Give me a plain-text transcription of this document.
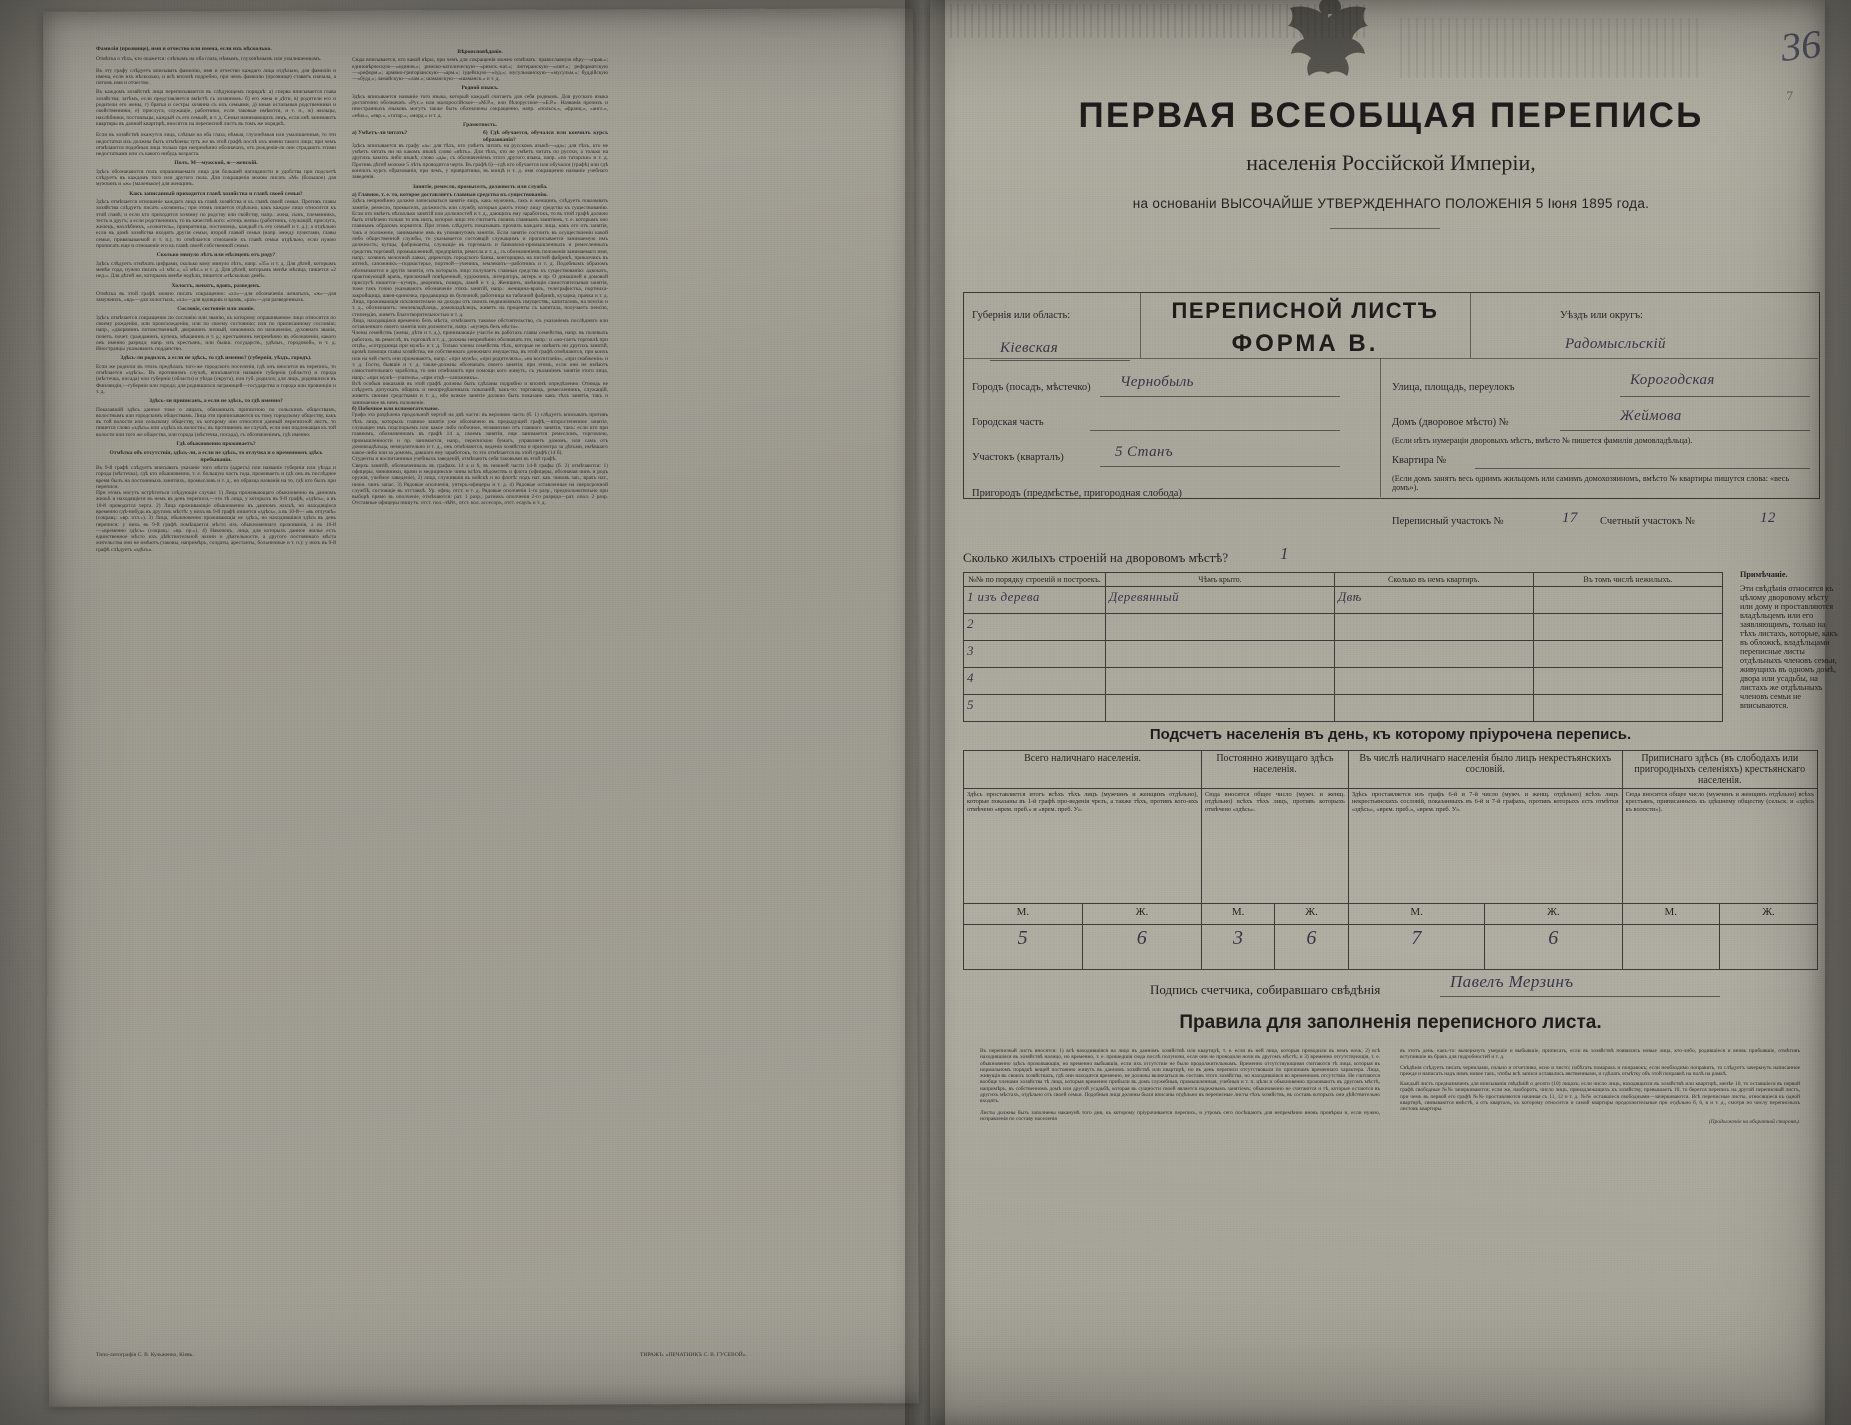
Фамилія (прозвище), имя и отчество или имена, если ихъ нѣсколько.
Отмѣтка о тѣхъ, кто окажется: слѣпымъ на оба глаза, нѣмымъ, глухонѣмымъ или умалишеннымъ.
Въ эту графу слѣдуетъ вписывать фамилію, имя и отчество каждаго лица отдѣльно, для фамиліи и имена, если ихъ нѣсколько, и всѣ вполнѣ подробно, при чемъ фамилію (прозвище) ставятъ сначала, а потомъ имя и отчество.
Въ каждомъ хозяйствѣ лица переписываются въ слѣдующемъ порядкѣ: а) сперва вписывается глава хозяйства; затѣмъ, если представляется вмѣстѣ съ хозяиномъ: б) его жена и дѣти, в) родители его и родители его жены, г) братья и сестры хозяина съ ихъ семьями, д) иныя остальныя родственники и свойственники, е) прислуга, служащіе, работники, если таковые имѣются, и т. п., ж) жильцы, нахлѣбники, постояльцы, каждый съ его семьей, и т. д. Семьи нанимающихъ лицъ, если онѣ занимаютъ квартиры въ данной квартирѣ, вносятся на переписной листъ въ томъ же порядкѣ.
Если въ хозяйствѣ окажутся лица, слѣпыя на оба глаза, нѣмыя, глухонѣмыя или умалишенныя, то эти недостатки ихъ должны быть отмѣчены тутъ же въ этой графѣ послѣ ихъ имени такого лица; при чемъ отмѣчаются подобныя лица только при непремѣнно обозначать, отъ рожденія-ли они страдаютъ этими недостатками или съ какого нибудь возраста.
Полъ. М—мужской, ж—женскій.
Здѣсь обозначаются полъ опрашиваемаго лица для большей наглядности и удобства при подсчетѣ слѣдуетъ въ каждомъ того или другого пола. Для сокращенія можно писать «М» (большое) для мужчинъ и «ж» (маленькое) для женщинъ.
Какъ записанный приходится главѣ хозяйства и главѣ своей семьи?
Здѣсь отмѣчается отношеніе каждаго лица къ главѣ хозяйства и къ главѣ своей семьи. Противъ главы хозяйства слѣдуетъ писать «хозяинъ»; при этомъ пишется отдѣльно, какъ каждое лицо относится къ этой главѣ; и если кто приходится хозяину по родству или свойству, напр.: жена, сынъ, племянникъ, тесть и другъ; а если родственникъ, то въ качествѣ кого: «отецъ жены» (работникъ, служащій, прислуга, жилецъ, нахлѣбникъ, «сожитель», привратница, постоялецъ, каждый съ его семьей и т. д.); а отдѣльно если въ домѣ хозяйства входятъ другія семьи, второй главой семьи (напр. между пунктами, главы семьи, привязываемой и т. п.), то отмѣчается отношеніе къ главѣ семьи отдѣльно, если нужно прописать еще и отношеніе его къ главѣ своей собственной семьи.
Сколько минуло лѣтъ или мѣсяцевъ отъ роду?
Здѣсь слѣдуетъ отмѣчать цифрами, сколько кому минуло лѣтъ, напр. «35» и т. д. Для дѣтей, которымъ менѣе года, нужно писать «1 мѣс.», «5 мѣс.» и т. д. Для дѣтей, которымъ менѣе мѣсяца, пишется «2 нед.». Для дѣтей же, которымъ менѣе недѣли, пишется «нѣсколько дней».
Холостъ, женатъ, вдовъ, разведенъ.
Отмѣтка въ этой графѣ можно писать сокращенно: «хл»—для обозначенія женатыхъ, «ж»—для замужнихъ, «вд»—для холостыхъ, «хл»—для вдовцовъ и вдовъ, «раз»—для разведенныхъ.
Сословіе, состояніе или званіе.
Здѣсь отмѣчается сокращенно по сословію или званію, къ которому опрашиваемое лицо относится по своему рожденію, или происхожденію, или по своему состоянію; или по приписанному сословію; напр., «дворянинъ потомственный, дворянинъ личный, чиновникъ по назначенію, духовнаго званія, почетъ. почет. гражданинъ, купецъ, мѣщанинъ и т. д.; крестьянинъ непремѣнно въ обозначеніи, какого онъ именно разряда; напр. изъ крестьянъ, или бывш. государств., удѣльн., городовой», и т. д. Иностранцы указываютъ подданство.
Здѣсь-ли родился, а если не здѣсь, то гдѣ именно? (губернія, уѣздъ, городъ).
Если же родился въ этихъ предѣлахъ того-же городского поселенія, гдѣ онъ вносится въ перепись, то отмѣчается «здѣсь». Въ противномъ случаѣ, вписывается названіе губерніи (области) и города (мѣстечка, посада) или губерніи (области) и уѣзда (округа), или губ. родился; для лицъ, родившихся въ Финляндіи,—губерніи или города; для родившихся заграницей—государства и города или провинціи и т. д.
Здѣсь-ли приписанъ, а если не здѣсь, то гдѣ именно?
Показавшій здѣсь данное тоже о лицахъ, обязанныхъ приписною по сельскимъ обществамъ, волостнымъ или городскимъ обществамъ. Лица эти приписываются къ тому городскому обществу, какъ въ той волости или сельскому обществу, къ которому они относятся данный переписной листъ, то пишется слово «здѣсь» или «здѣсь къ волости»; въ противномъ же случаѣ, если они подлежащая къ той волости или того же общества, или города (мѣстечка, посада), съ обозначеніемъ, гдѣ именно.
Гдѣ обыкновенно проживаетъ?
Отмѣтка объ отсутствіи, здѣсь-ли, а если не здѣсь, то отлучка и о временномъ здѣсь пребываніи.
Въ 9-й графѣ слѣдуетъ вписывать указаніе того мѣста (адресъ) или названіе губерніи или уѣзда и города (мѣстечка), гдѣ кто обыкновенно, т. е. большую часть года, проживаетъ и гдѣ онъ въ послѣднее время былъ на постоянныхъ занятіяхъ, промысловъ и т. д., но образца названія на то, гдѣ кто былъ при переписи.
При этомъ могутъ встрѣтиться слѣдующіе случаи: 1) Лица проживающаго обыкновенно въ данномъ жильѣ и находящіеся въ немъ въ день переписи,—это тѣ лица, у которыхъ въ 9-й графѣ, «здѣсь», а въ 10-й проводится черта. 2) Лица проживающіе обыкновенно въ данномъ жильѣ, но находящіеся временно гдѣ-нибудь въ другомъ мѣстѣ: у нихъ въ 9-й графѣ пишется «здѣсь», а въ 10-й— «въ отлучкѣ» (сокращ.: «вр. отл.»). 3) Лица, обыкновенно проживающія не здѣсь, но находившіяся здѣсь въ день переписи: у нихъ въ 9-й графѣ помѣщается мѣсто ихъ обыкновеннаго проживанія, а въ 10-й—«временно здѣсь» (сокращ.: «вр. пр.»). 4) Наконецъ, лица, для которыхъ данное жилье есть единственное мѣсто ихъ дѣйствительной жизни и дѣятельности, а другого постояннаго мѣста жительства они не имѣютъ (таковы, напримѣръ, солдаты, арестанты, больничные и т. п.): у нихъ въ 9-й графѣ слѣдуетъ «здѣсь».
Вѣроисповѣданіе.
Сюда вписывается, кто какой вѣры, при чемъ для сокращенія можно отмѣчать: православную вѣру—«прав.»; единовѣрческую—«единов.»; римско-католическую—«римск.-кат.»; лютеранскую—«лют.»; реформатскую—«реформ.»; армяно-григоріанскую—«арм.»; іудейскую—«іуд.»; мусульманскую—«мусульм.»; буддійскую—«будд.»; ламайскую—«лам.»; шаманскую—«шаманск.» и т. д.
Родной языкъ.
Здѣсь вписывается названіе того языка, который каждый считаетъ для себя роднымъ. Для русскаго языка достаточно обозначать «Рус.» или малороссійское—«М.Р.», или бѣлорусское—«Б.Р.». Названія прочихъ и иностранныхъ языковъ могутъ также быть обозначены сокращенно, напр. «польск.», «франц.», «англ.», «нѣм.», «евр.», «татар.», «морд.» и т. д.
Грамотность.
а) Умѣетъ-ли читать?	б) Гдѣ обучается, обучался или кончилъ курсъ образованія?
Здѣсь вписывается въ графу «а»: для тѣхъ, кто умѣетъ читать на русскомъ языкѣ—«да»; для тѣхъ, кто не умѣетъ читать ни на какомъ языкѣ слово «нѣтъ». Для тѣхъ, кто не умѣетъ читать по русски, а только на другихъ какихъ либо языкѣ, слово «да», съ обозначеніемъ этого другого языка, напр. «по татарски» и т. д. Противъ дѣтей моложе 5 лѣтъ проводится черта. Въ графѣ 6)—гдѣ кто обучается или обучался (графѣ) или гдѣ кончилъ курсъ образованія, при чемъ, у привратника, въ концѣ и т. д. имя сокращенно названіе учебнаго заведенія.
Занятіе, ремесло, промыселъ, должность или служба.
а) Главное, т. е. то, которое доставляетъ главныя средства къ существованію.
Здѣсь непремѣнно должно записываться занятіе лицъ, какъ мужчинъ, такъ и женщинъ, слѣдуетъ показывать занятіе, ремесло, промыселъ, должность или службу, которыя даютъ этому лицу средства къ существованію. Если кто имѣетъ нѣсколько занятій или должностей и т. д., дающихъ ему заработокъ, то въ этой графѣ должно быть отмѣчено только то изъ нихъ, которое лицо это считаетъ своимъ главнымъ занятіемъ, т. е. которымъ оно главнымъ образомъ кормится. При этомъ слѣдуетъ показывать прочихъ каждаго лица, какъ его отъ занятія, такъ и положеніе, занимаемое имъ въ упомянутомъ занятіи. Если занятіе состоитъ въ осуществленіи какой либо общественной службы, то указывается состоящій служащимъ и прописывается занимаемую имъ должность; купцы, фабриканты, служащіе въ торговыхъ и банковско-промышленныхъ и ремесленныхъ средствъ торговой, промышленной, предпріятія, ремесла и т. д., съ обозначеніемъ положенія занимаемаго ими, напр.: хозяинъ мелочной лавки, директоръ городского банка, конторщикъ на писчей фабрикѣ, приказчикъ въ аптекѣ, сапожникъ—подмастерье, портной—ученикъ, землекопъ—работникъ и т. д. Подобнымъ образомъ обозначаются и другія занятія, отъ которыхъ лицо получаетъ главныя средства къ существованію: адвокатъ, практикующій врачъ, присяжный повѣренный, художникъ, литераторъ, актеръ и пр. О домашней и домовой прислугѣ пишется—кучеръ, дворникъ, поваръ, лакей и т. д. Женщинъ, имѣющія самостоятельныя занятія, тоже такъ точно указываютъ обозначеніе этихъ занятій, напр.: женщина-врачъ, телеграфистка, портниха-закройщица, швея-одиночка, продавщица въ булочной, работница на табачной фабрикѣ, кухарка, прачка и т. д. Лица, проживающія исключительно на доходы отъ своихъ недвижимыхъ имуществъ, капиталовъ, на пенсію и т. д., обозначаютъ: землевладѣлецъ, домовладѣлецъ, живетъ на проценты съ капитала, получаетъ пенсію, стипендію, живетъ благотворительностью и т. д.
Лица, находящіяся временно безъ мѣста, отмѣчаютъ таковое обстоятельство, съ указаніемъ послѣдняго или оставленнаго своего занятія или должности, напр.: «кучеръ безъ мѣста».
Члены семействъ (жены, дѣти и т. д.), принимающіе участіе въ работахъ главы семейства, напр. въ полевыхъ работахъ, въ ремеслѣ, въ торговлѣ и т. д., должны непремѣнно обозначать это, напр.: и «мо-гаетъ торговлѣ при отцѣ», «сотрудница при мужѣ» и т. д. Только члены семействъ тѣхъ, которые не имѣютъ ни другихъ занятій, кромѣ помощи главы хозяйства, ни собственнаго денежнаго имущества, въ этой графѣ отмѣчаются, при коихъ или на чей счетъ они проживаютъ, напр.: «при мужѣ», «при родителяхъ», «на воспитаніи», «при снабженіи» и т. д. Гости, бывшіе и т. д. также-должны обозначать своего занятія; при этомъ, если они не имѣютъ самостоятельнаго заработка, то они отмѣчаютъ при помощи кого живутъ, съ указаніемъ занятія этого лица, напр.: «при мужѣ—учитель», «при отцѣ—сапожникъ».
Всѣ особыя показанія въ этой графѣ должны быть сдѣланы подробно и вполнѣ опредѣленно. Отнюдь не слѣдуетъ допускать общихъ и неопредѣленныхъ показаній, какъ-то: торговецъ, ремесленникъ, служащій, живетъ своими средствами и т. д., ибо всякое занятіе должно быть показано какъ тѣхъ занятія, такъ и занимаемое въ немъ положеніе.
б) Побочное или вспомогательное.
Графа эта раздѣлена продольной чертой на двѣ части: въ верхнюю часть (б. 1) слѣдуетъ вписывать противъ тѣхъ лицъ, которыхъ главное занятіе уже обозначено въ предыдущей графѣ,—второстепенное занятіе, служащее имъ подспорьемъ или какое либо побочное, независимо отъ главнаго занятія, такъ: если кто при главномъ, обозначенномъ въ графѣ 14 а, своемъ занятіи, еще занимается ремесломъ, торговлею, промышленности и пр. занимается, напр., перепискою бумагъ, управляетъ домомъ, или самъ отъ домовладѣльца, немедлительно и т. д., онъ отмѣчаются, веденія хозяйства и присмотра за дѣтьми, имѣвшаго какое-либо или за домомъ, давшаго ему заработокъ, то это отмѣчается въ этой графѣ (14 б).
Студенты и воспитанники учебныхъ заведеній, отмѣчаютъ себя таковыми въ этой графѣ.
Сверхъ занятій, обозначенныхъ въ графахъ 14 а и 6, въ нижней части 14-й графы (б. 2) отмѣчаются: 1) офицеры, чиновники, врачи и медицинскіе чины всѣхъ вѣдомствъ и флота (офицеры, обозначая чинъ и родъ оружія, учебное заведеніе), 2) лица, служившія въ войскѣ и во флотѣ: подъ нат. кав. чиновъ зап., врачъ нат., нижн. чинъ запас. 3) Рядовые ополченія, унтеръ-офицеры и т. д. 4) Рядовые оставленные на сверхсрочной службѣ, состоящіе въ отставкѣ. Ур. офиц. отст. и т. д. Рядовые ополченія 1-го разр., предположительно при выборѣ прямо въ ополченіе, отмѣчаются: рат. 1 разр.; ратникъ ополченія 2-го разряда—рат. опол. 2 разр. Отставные офицеры пишутъ: отст. пол.-лѣйт., отст. кол. ассесоръ, отст. есаулъ и т. д.
Типо-литографія С. В. Кульженко, Кіевъ.	ТИРАЖЪ. «ПЕЧАТНИКЪ С. В. ГУСЕВОЙ».
36
7
ПЕРВАЯ ВСЕОБЩАЯ ПЕРЕПИСЬ
населенія Россійской Имперіи,
на основаніи ВЫСОЧАЙШЕ УТВЕРЖДЕННАГО ПОЛОЖЕНІЯ 5 Іюня 1895 года.
ПЕРЕПИСНОЙ ЛИСТЪ
ФОРМА В.
Губернія или область:
Кіевская
Уѣздъ или округъ:
Радомысльскій
Городъ (посадъ, мѣстечко) Чернобыль	Улица, площадь, переулокъ	Корогодская
Городская часть	Домъ (дворовое мѣсто) №	Жеймова
(Если нѣтъ нумераціи дворовыхъ мѣстъ, вмѣсто № пишется фамилія домовладѣльца).
Участокъ (кварталъ)	5 Станъ
Квартира №
(Если домъ занятъ весь однимъ жильцомъ или самимъ домохозяиномъ, вмѣсто № квартиры пишутся слова: «весь домъ»).
Пригородъ (предмѣстье, пригородная слобода)
Переписный участокъ №	17 Счетный участокъ №	12
Сколько жилыхъ строеній на дворовомъ мѣстѣ?	1
№№ по порядку строеній и построекъ.	Чѣмъ крыто.	Сколько въ немъ квартиръ.	Въ томъ числѣ нежилыхъ.
1 изъ дерева	Деревянный	Двѣ	
2			
3			
4			
5			
Примѣчаніе.
Эти свѣдѣнія относятся къ цѣлому дворовому мѣсту или дому и проставляются владѣльцемъ или его заявляющимъ, только на тѣхъ листахъ, которые, какъ въ обложкѣ, владѣльцами переписные листы отдѣльныхъ членовъ семьи, живущихъ въ одномъ домѣ, двора или усадьбы, на листахъ же отдѣльныхъ членовъ семьи не вписываются.
Подсчетъ населенія въ день, къ которому пріурочена перепись.
Всего наличнаго населенія.		Постоянно живущаго здѣсь населенія.		Въ числѣ наличнаго населенія было лицъ некрестьянскихъ сословій.		Приписнаго здѣсь (въ слободахъ или пригородныхъ селеніяхъ) крестьянскаго населенія.	
Здѣсь проставляется итогъ всѣхъ тѣхъ лицъ (мужчинъ и женщинъ отдѣльно), которые показаны въ 1-й графѣ про-веденія чрезъ, а также тѣхъ, противъ кого-ихъ отмѣчено «врем. преб.» и «врем. преб. У».		Сюда вносится общее число (мужч. и женщ. отдѣльно) всѣхъ тѣхъ лицъ, противъ которыхъ отмѣчено «здѣсь».		Здѣсь проставляется изъ графъ 6-й и 7-й число (мужч. и женщ. отдѣльно) всѣхъ лицъ некрестьянскихъ сословій, показанныхъ въ 6-й и 7-й графахъ, противъ которыхъ есть отмѣтки «здѣсь», «врем. преб.», «врем. преб. У».		Сюда вносится общее число (мужчинъ и женщинъ отдѣльно) всѣхъ крестьянъ, приписанныхъ къ здѣшнему обществу (сельск. и «здѣсь къ волости»).	
М.	Ж.	М.	Ж.	М.	Ж.	М.	Ж.
5	6	3	6	7	6		
Подпись счетчика, собиравшаго свѣдѣнія	Павелъ Мерзинъ
Правила для заполненія переписного листа.
Въ переписный листъ вносятся: 1) всѣ находившіяся на лицо въ данномъ хозяйствѣ или квартирѣ, т. е. если въ ней лица, которыя проводили въ немъ ночь; 2) всѣ находившіяся въ хозяйствѣ налицо, но временно, т. е. пришедшія сюда послѣ полуночи, если они не проводили ночи въ другомъ мѣстѣ; и 3) временно отсутствующія, т. е. обыкновенно здѣсь проживающія, но временно выбывшія, если ихъ отсутствіе не было продолжительнымъ. Временно отсутствующими считаются тѣ лица, которыя въ нормальномъ порядкѣ вещей постоянно живутъ въ данномъ хозяйствѣ или квартирѣ, но въ день переписи отсутствовали по причинамъ временнаго характера. Лица, живущія въ своихъ хозяйствахъ, гдѣ они находятся временно, не должны включаться въ составъ этого хозяйства, но находившіяся во временномъ отсутствіи. Не считаются вообще членами хозяйства тѣ лица, которыя временно прибыли въ домъ служебныя, промышленныя, учебныя и т. п. цѣли и обыкновенно проживаютъ въ другомъ мѣстѣ, напримѣръ, въ собственномъ домѣ или другой усадьбѣ, которая въ сущности своей является надежнымъ занятіемъ; обыкновенно не считаются и тѣ, которые остаются въ другихъ мѣстахъ, отдѣльно отъ своей семьи. Подобныя лица должны были вписаны отдѣльно въ переписные листы тѣхъ хозяйствъ, въ составъ которыхъ они дѣйствительно входятъ.
Листы должны быть заполнены наканунѣ того дня, къ которому пріурочивается перепись, и утромъ сего посѣщаютъ для непремѣнно вновь провѣрки и, если нужно, исправленія по составу населенія
въ этотъ день, какъ-то: вычеркнуть умершіе и выбывшіе, приписать, если въ хозяйствѣ появились новые лица, кто-либо, родившіеся и вновь прибывшіе, отмѣтивъ вступившіе въ бракъ для подробностей и т. д.
Свѣдѣнія слѣдуетъ писать чернилами, сильно и отчетливо, ясно и чисто; избѣгать помарокъ и поправокъ; если необходимо поправить, то слѣдуетъ зачеркнуть написанное прежде и написать надъ нимъ новое такъ, чтобы всѣ записи оставались явственными, и сдѣлать отмѣтку объ этой поправкѣ на полѣ на рамкѣ.
Каждый листъ предназначенъ для вписыванія свѣдѣній о десяти (10) лицахъ; если число лицъ, находящихся въ хозяйствѣ или квартирѣ, менѣе 10, то оставшіеся въ первой графѣ свободные №№ зачеркиваются; если же, наоборотъ, число лицъ, принадлежащихъ къ хозяйству, превышаетъ 10, то берется перепись на другой переписный листъ, при чемъ въ первой его графѣ №№ проставляются начиная съ 11, 12 и т. д. №№ оставшіеся свободными—зачеркиваются. Всѣ переписные листы, относящіеся къ одной квартирѣ, связываются вмѣстѣ, а отъ кварталъ, къ которому относится и самой квартиры продолжительные при отдѣльно б, 6, в и т. д., смотря по числу переписныхъ листовъ квартиры.
(Продолженіе на оборотной сторонѣ).
